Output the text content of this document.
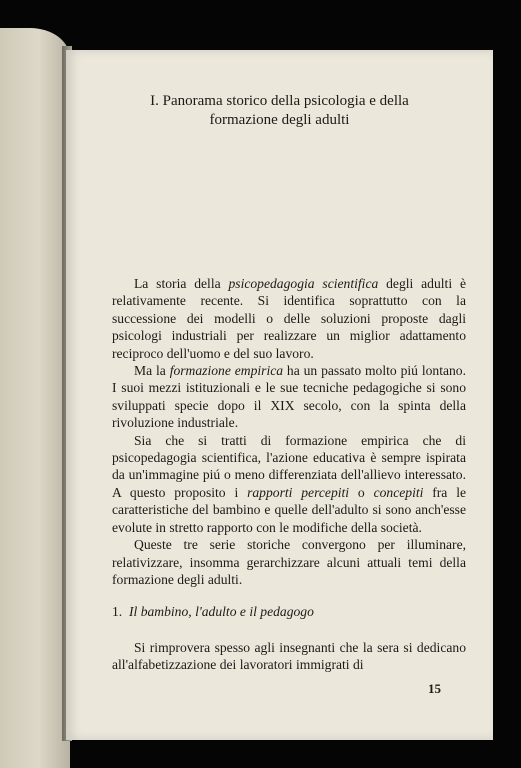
I. Panorama storico della psicologia e della
formazione degli adulti

La storia della psicopedagogia scientifica degli adulti è relativamente recente. Si identifica soprattutto con la successione dei modelli o delle soluzioni proposte dagli psicologi industriali per realizzare un miglior adattamento reciproco dell'uomo e del suo lavoro.

Ma la formazione empirica ha un passato molto piú lontano. I suoi mezzi istituzionali e le sue tecniche pedagogiche si sono sviluppati specie dopo il XIX secolo, con la spinta della rivoluzione industriale.

Sia che si tratti di formazione empirica che di psicopedagogia scientifica, l'azione educativa è sempre ispirata da un'immagine piú o meno differenziata dell'allievo interessato. A questo proposito i rapporti percepiti o concepiti fra le caratteristiche del bambino e quelle dell'adulto si sono anch'esse evolute in stretto rapporto con le modifiche della società.

Queste tre serie storiche convergono per illuminare, relativizzare, insomma gerarchizzare alcuni attuali temi della formazione degli adulti.

1. Il bambino, l'adulto e il pedagogo

Si rimprovera spesso agli insegnanti che la sera si dedicano all'alfabetizzazione dei lavoratori immigrati di

15
